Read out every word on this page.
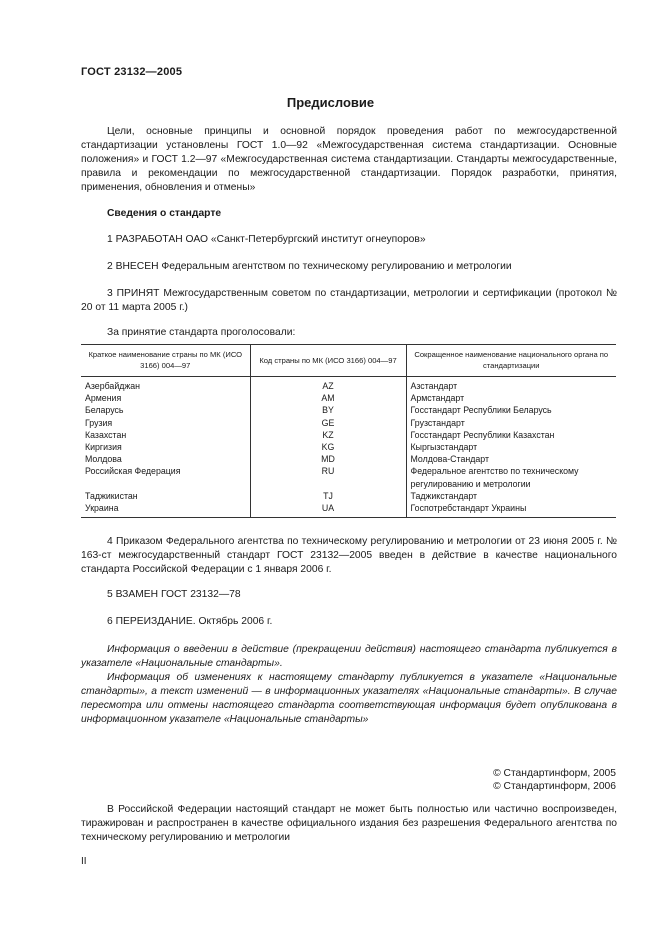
ГОСТ 23132—2005
Предисловие
Цели, основные принципы и основной порядок проведения работ по межгосударственной стандартизации установлены ГОСТ 1.0—92 «Межгосударственная система стандартизации. Основные положения» и ГОСТ 1.2—97 «Межгосударственная система стандартизации. Стандарты межгосударственные, правила и рекомендации по межгосударственной стандартизации. Порядок разработки, принятия, применения, обновления и отмены»
Сведения о стандарте
1 РАЗРАБОТАН ОАО «Санкт-Петербургский институт огнеупоров»
2 ВНЕСЕН Федеральным агентством по техническому регулированию и метрологии
3 ПРИНЯТ Межгосударственным советом по стандартизации, метрологии и сертификации (протокол № 20 от 11 марта 2005 г.)
За принятие стандарта проголосовали:
Краткое наименование страны по МК (ИСО 3166) 004—97	Код страны по МК (ИСО 3166) 004—97	Сокращенное наименование национального органа по стандартизации
Азербайджан	AZ	Азстандарт
Армения	AM	Армстандарт
Беларусь	BY	Госстандарт Республики Беларусь
Грузия	GE	Грузстандарт
Казахстан	KZ	Госстандарт Республики Казахстан
Киргизия	KG	Кыргызстандарт
Молдова	MD	Молдова-Стандарт
Российская Федерация	RU	Федеральное агентство по техническому регулированию и метрологии
Таджикистан	TJ	Таджикстандарт
Украина	UA	Госпотребстандарт Украины
4 Приказом Федерального агентства по техническому регулированию и метрологии от 23 июня 2005 г. № 163-ст межгосударственный стандарт ГОСТ 23132—2005 введен в действие в качестве национального стандарта Российской Федерации с 1 января 2006 г.
5 ВЗАМЕН ГОСТ 23132—78
6 ПЕРЕИЗДАНИЕ. Октябрь 2006 г.
Информация о введении в действие (прекращении действия) настоящего стандарта публикуется в указателе «Национальные стандарты».
Информация об изменениях к настоящему стандарту публикуется в указателе «Национальные стандарты», а текст изменений — в информационных указателях «Национальные стандарты». В случае пересмотра или отмены настоящего стандарта соответствующая информация будет опубликована в информационном указателе «Национальные стандарты»
© Стандартинформ, 2005
© Стандартинформ, 2006
В Российской Федерации настоящий стандарт не может быть полностью или частично воспроизведен, тиражирован и распространен в качестве официального издания без разрешения Федерального агентства по техническому регулированию и метрологии
II
